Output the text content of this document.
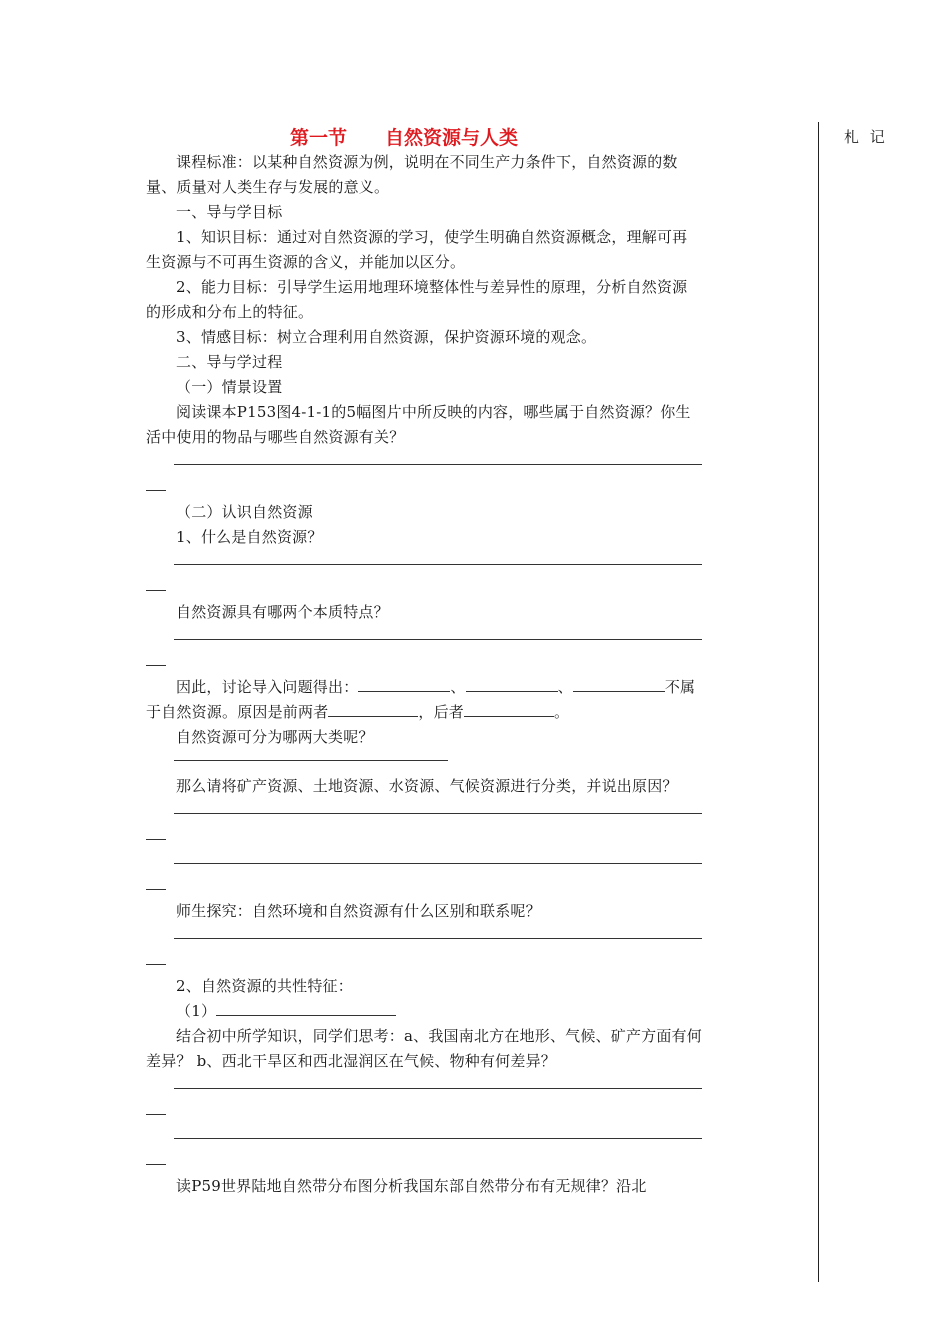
第一节　　自然资源与人类	札 记

课程标准：以某种自然资源为例，说明在不同生产力条件下，自然资源的数量、质量对人类生存与发展的意义。

一、导与学目标

1、知识目标：通过对自然资源的学习，使学生明确自然资源概念，理解可再生资源与不可再生资源的含义，并能加以区分。

2、能力目标：引导学生运用地理环境整体性与差异性的原理，分析自然资源的形成和分布上的特征。

3、情感目标：树立合理利用自然资源，保护资源环境的观念。

二、导与学过程

（一）情景设置

阅读课本P153图4-1-1的5幅图片中所反映的内容，哪些属于自然资源？你生活中使用的物品与哪些自然资源有关？

（二）认识自然资源

1、什么是自然资源？

自然资源具有哪两个本质特点？

因此，讨论导入问题得出：	、	、	不属于自然资源。原因是前两者	，后者	。

自然资源可分为哪两大类呢？

那么请将矿产资源、土地资源、水资源、气候资源进行分类，并说出原因？

师生探究：自然环境和自然资源有什么区别和联系呢？

2、自然资源的共性特征：

（1）

结合初中所学知识，同学们思考：a、我国南北方在地形、气候、矿产方面有何差异？ b、西北干旱区和西北湿润区在气候、物种有何差异？

读P59世界陆地自然带分布图分析我国东部自然带分布有无规律？沿北
